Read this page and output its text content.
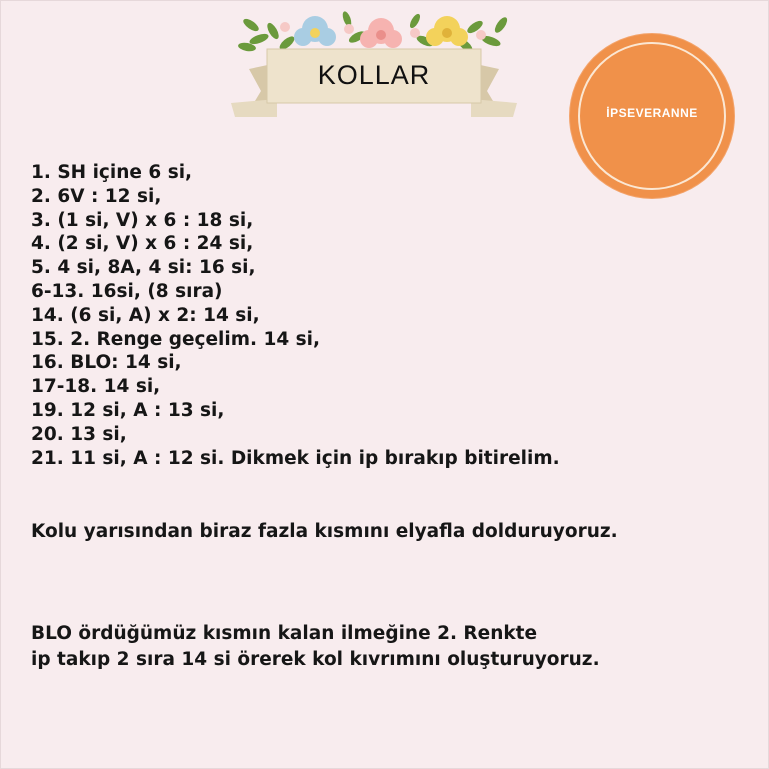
KOLLAR
İPSEVERANNE
1. SH içine 6 si,
2. 6V : 12 si,
3. (1 si, V) x 6 : 18 si,
4. (2 si, V) x 6 : 24 si,
5. 4 si, 8A, 4 si: 16 si,
6-13. 16si, (8 sıra)
14. (6 si, A) x 2: 14 si,
15. 2. Renge geçelim. 14 si,
16. BLO: 14 si,
17-18. 14 si,
19. 12 si, A : 13 si,
20. 13 si,
21. 11 si, A : 12 si. Dikmek için ip bırakıp bitirelim.

Kolu yarısından biraz fazla kısmını elyafla dolduruyoruz.

BLO ördüğümüz kısmın kalan ilmeğine 2. Renkte
ip takıp 2 sıra 14 si örerek kol kıvrımını oluşturuyoruz.
